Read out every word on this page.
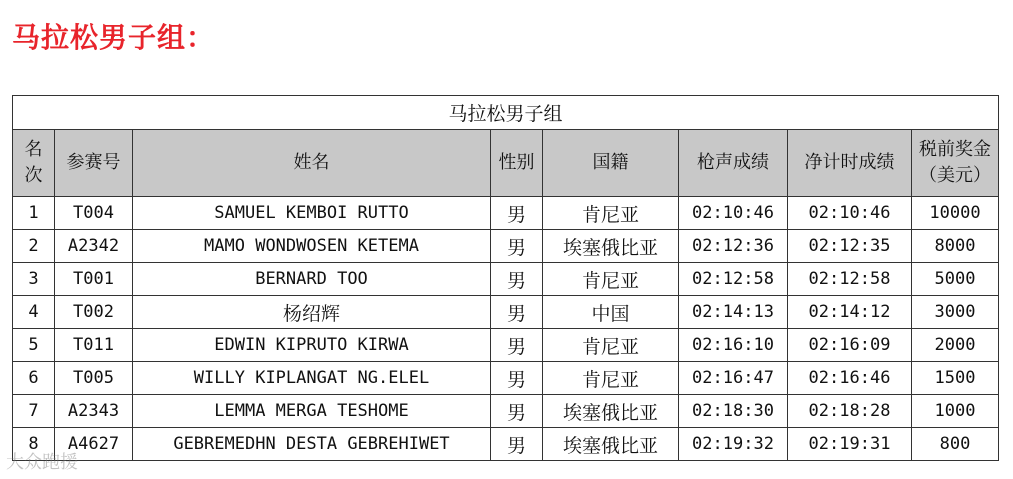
马拉松男子组：
马拉松男子组							
名
次	参赛号	姓名	性别	国籍	枪声成绩	净计时成绩	税前奖金
（美元）
1	T004	SAMUEL KEMBOI RUTTO	男	肯尼亚	02:10:46	02:10:46	10000
2	A2342	MAMO WONDWOSEN KETEMA	男	埃塞俄比亚	02:12:36	02:12:35	8000
3	T001	BERNARD TOO	男	肯尼亚	02:12:58	02:12:58	5000
4	T002	杨绍辉	男	中国	02:14:13	02:14:12	3000
5	T011	EDWIN KIPRUTO KIRWA	男	肯尼亚	02:16:10	02:16:09	2000
6	T005	WILLY KIPLANGAT NG.ELEL	男	肯尼亚	02:16:47	02:16:46	1500
7	A2343	LEMMA MERGA TESHOME	男	埃塞俄比亚	02:18:30	02:18:28	1000
8	A4627	GEBREMEDHN DESTA GEBREHIWET	男	埃塞俄比亚	02:19:32	02:19:31	800
大众跑援
